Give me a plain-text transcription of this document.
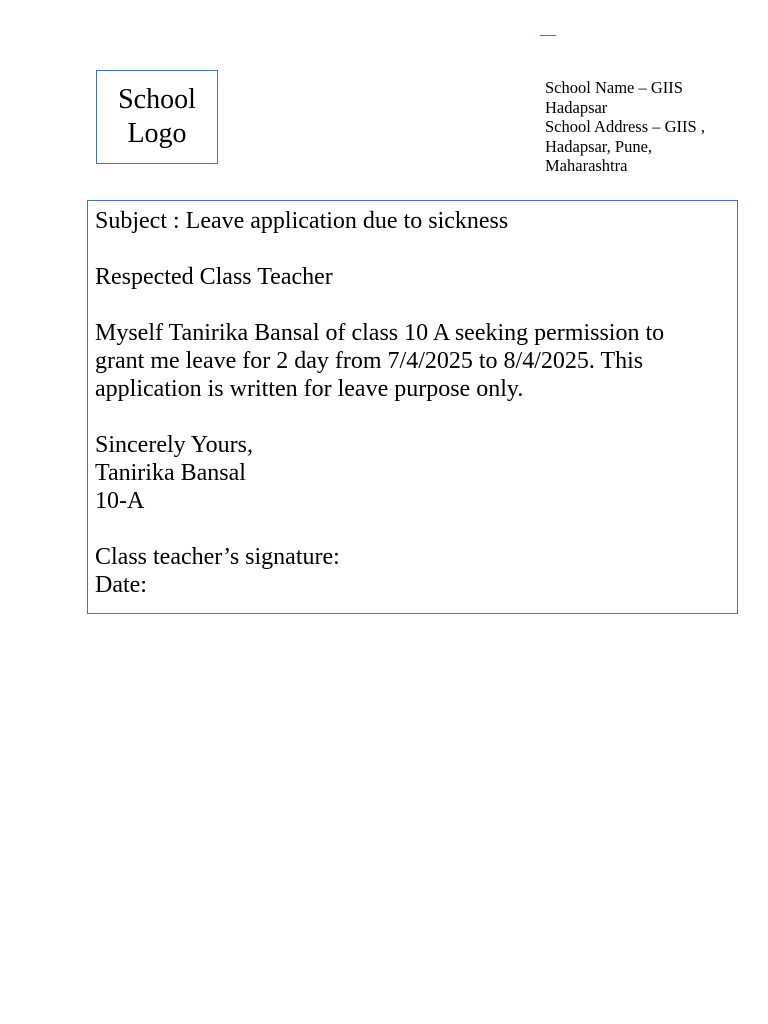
School
Logo
School Name – GIIS
Hadapsar
School Address – GIIS ,
Hadapsar, Pune,
Maharashtra

Subject : Leave application due to sickness

Respected Class Teacher

Myself Tanirika Bansal of class 10 A seeking permission to

grant me leave for 2 day from 7/4/2025 to 8/4/2025. This

application is written for leave purpose only.

Sincerely Yours,

Tanirika Bansal

10-A

Class teacher’s signature:

Date:
